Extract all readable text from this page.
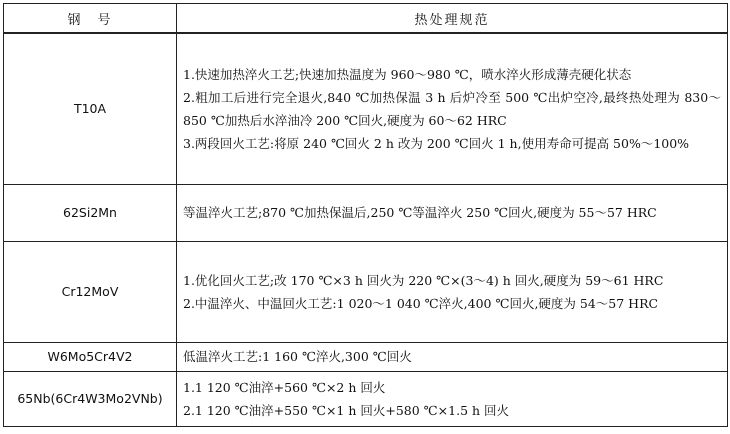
钢　号	热处理规范
T10A	1.快速加热淬火工艺;快速加热温度为 960～980 ℃，喷水淬火形成薄壳硬化状态
2.粗加工后进行完全退火,840 ℃加热保温 3 h 后炉冷至 500 ℃出炉空冷,最终热处理为 830～850 ℃加热后水淬油冷 200 ℃回火,硬度为 60～62 HRC
3.两段回火工艺:将原 240 ℃回火 2 h 改为 200 ℃回火 1 h,使用寿命可提高 50%～100%

62Si2Mn	等温淬火工艺;870 ℃加热保温后,250 ℃等温淬火 250 ℃回火,硬度为 55～57 HRC

Cr12MoV	1.优化回火工艺;改 170 ℃×3 h 回火为 220 ℃×(3～4) h 回火,硬度为 59～61 HRC
2.中温淬火、中温回火工艺:1 020～1 040 ℃淬火,400 ℃回火,硬度为 54～57 HRC

W6Mo5Cr4V2	低温淬火工艺:1 160 ℃淬火,300 ℃回火

65Nb(6Cr4W3Mo2VNb)	1.1 120 ℃油淬+560 ℃×2 h 回火
2.1 120 ℃油淬+550 ℃×1 h 回火+580 ℃×1.5 h 回火
